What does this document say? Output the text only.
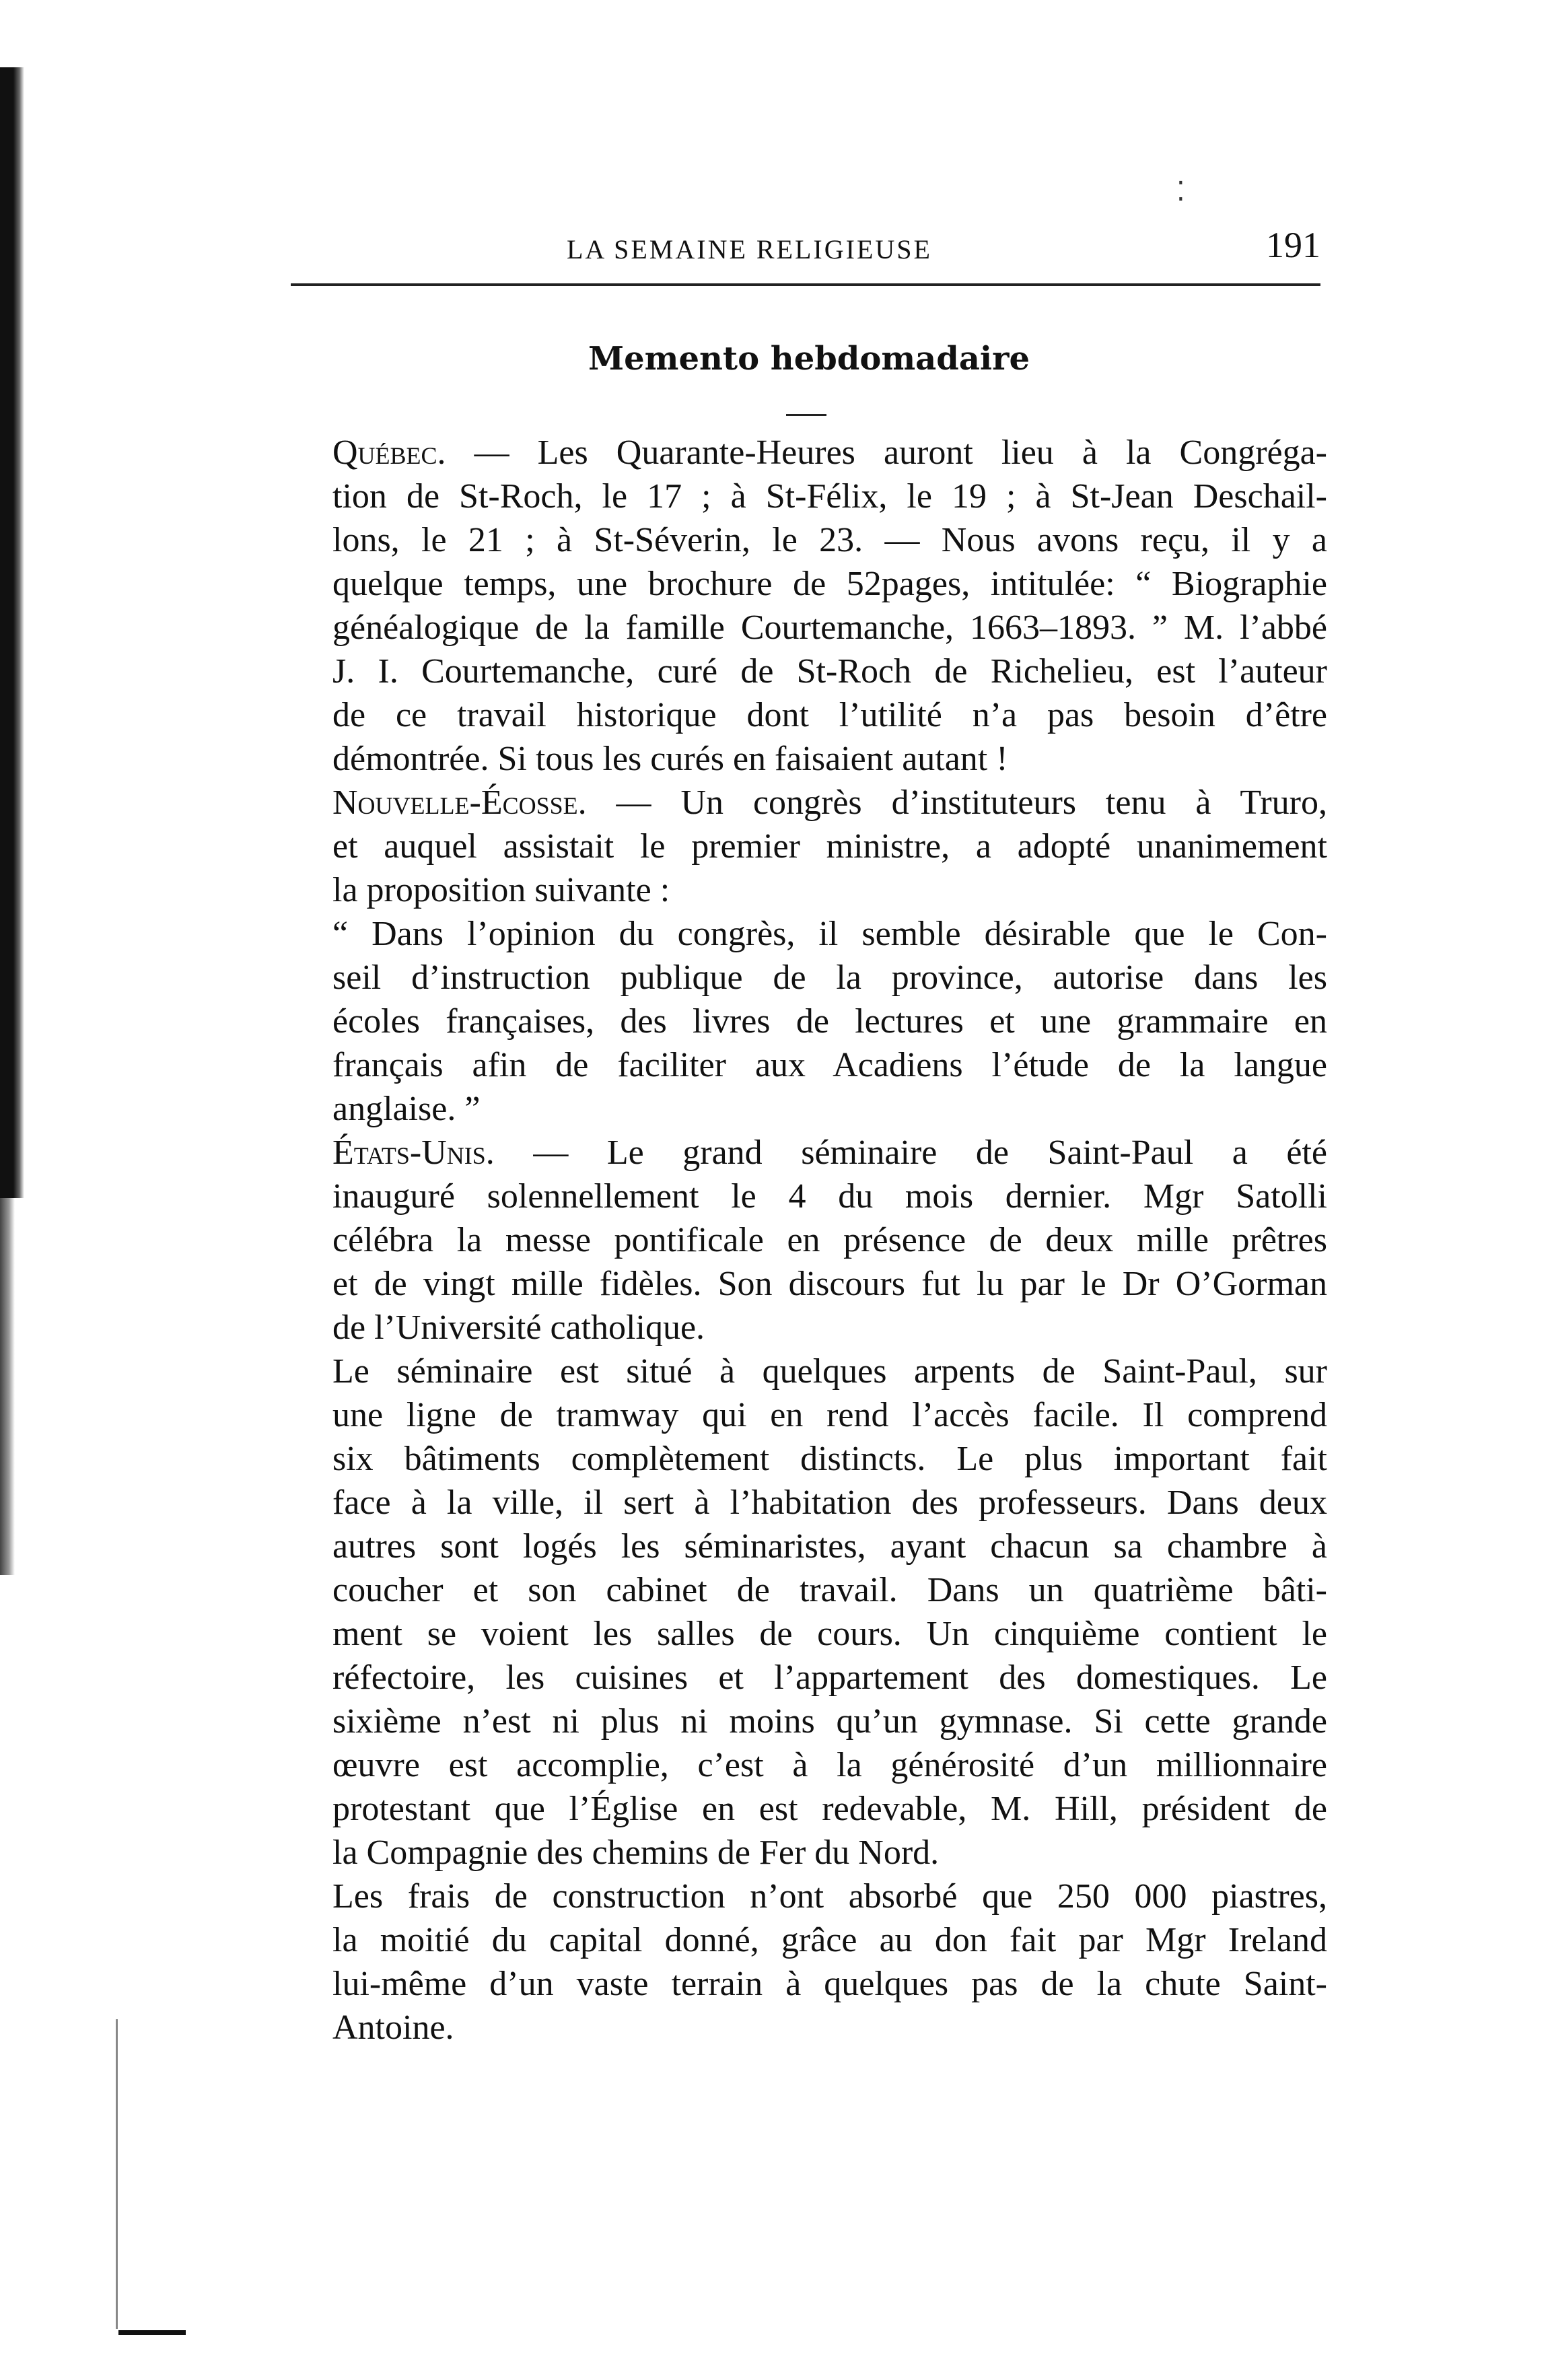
⁚
LA SEMAINE RELIGIEUSE	191
Memento hebdomadaire

Québec. — Les Quarante-Heures auront lieu à la Congréga-
tion de St-Roch, le 17 ; à St-Félix, le 19 ; à St-Jean Deschail-
lons, le 21 ; à St-Séverin, le 23. — Nous avons reçu, il y a
quelque temps, une brochure de 52pages, intitulée: “ Biographie
généalogique de la famille Courtemanche, 1663–1893. ” M. l’abbé
J. I. Courtemanche, curé de St-Roch de Richelieu, est l’auteur
de ce travail historique dont l’utilité n’a pas besoin d’être
démontrée. Si tous les curés en faisaient autant !

Nouvelle-Écosse. — Un congrès d’instituteurs tenu à Truro,
et auquel assistait le premier ministre, a adopté unanimement
la proposition suivante :

“ Dans l’opinion du congrès, il semble désirable que le Con-
seil d’instruction publique de la province, autorise dans les
écoles françaises, des livres de lectures et une grammaire en
français afin de faciliter aux Acadiens l’étude de la langue
anglaise. ”

États-Unis. — Le grand séminaire de Saint-Paul a été
inauguré solennellement le 4 du mois dernier. Mgr Satolli
célébra la messe pontificale en présence de deux mille prêtres
et de vingt mille fidèles. Son discours fut lu par le Dr O’Gorman
de l’Université catholique.

Le séminaire est situé à quelques arpents de Saint-Paul, sur
une ligne de tramway qui en rend l’accès facile. Il comprend
six bâtiments complètement distincts. Le plus important fait
face à la ville, il sert à l’habitation des professeurs. Dans deux
autres sont logés les séminaristes, ayant chacun sa chambre à
coucher et son cabinet de travail. Dans un quatrième bâti-
ment se voient les salles de cours. Un cinquième contient le
réfectoire, les cuisines et l’appartement des domestiques. Le
sixième n’est ni plus ni moins qu’un gymnase. Si cette grande
œuvre est accomplie, c’est à la générosité d’un millionnaire
protestant que l’Église en est redevable, M. Hill, président de
la Compagnie des chemins de Fer du Nord.

Les frais de construction n’ont absorbé que 250 000 piastres,
la moitié du capital donné, grâce au don fait par Mgr Ireland
lui-même d’un vaste terrain à quelques pas de la chute Saint-
Antoine.
